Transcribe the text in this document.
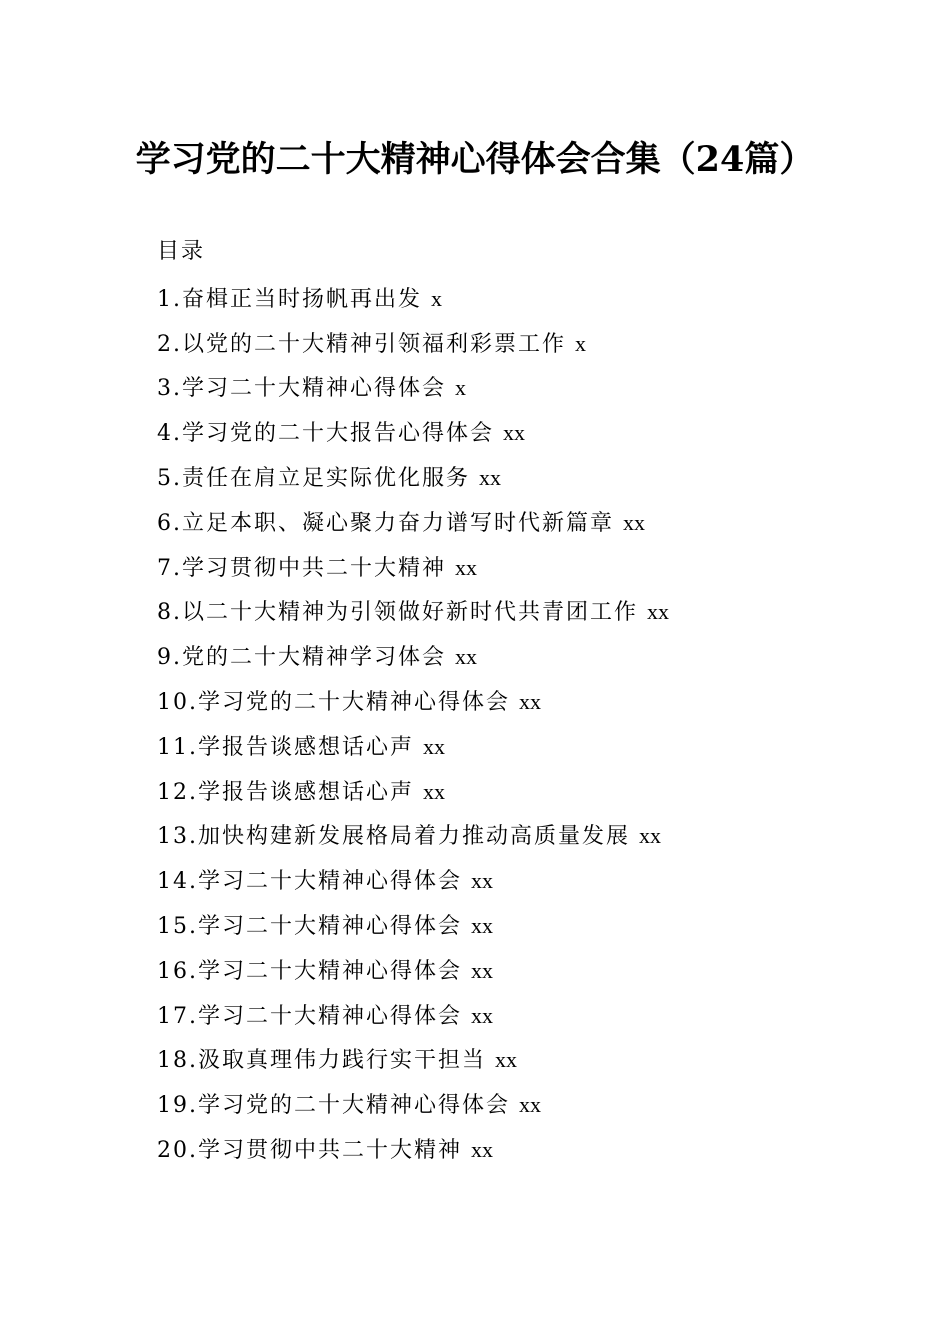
学习党的二十大精神心得体会合集（24篇）
目录
1.奋楫正当时扬帆再出发 x
2.以党的二十大精神引领福利彩票工作 x
3.学习二十大精神心得体会 x
4.学习党的二十大报告心得体会 xx
5.责任在肩立足实际优化服务 xx
6.立足本职、凝心聚力奋力谱写时代新篇章 xx
7.学习贯彻中共二十大精神 xx
8.以二十大精神为引领做好新时代共青团工作 xx
9.党的二十大精神学习体会 xx
10.学习党的二十大精神心得体会 xx
11.学报告谈感想话心声 xx
12.学报告谈感想话心声 xx
13.加快构建新发展格局着力推动高质量发展 xx
14.学习二十大精神心得体会 xx
15.学习二十大精神心得体会 xx
16.学习二十大精神心得体会 xx
17.学习二十大精神心得体会 xx
18.汲取真理伟力践行实干担当 xx
19.学习党的二十大精神心得体会 xx
20.学习贯彻中共二十大精神 xx
